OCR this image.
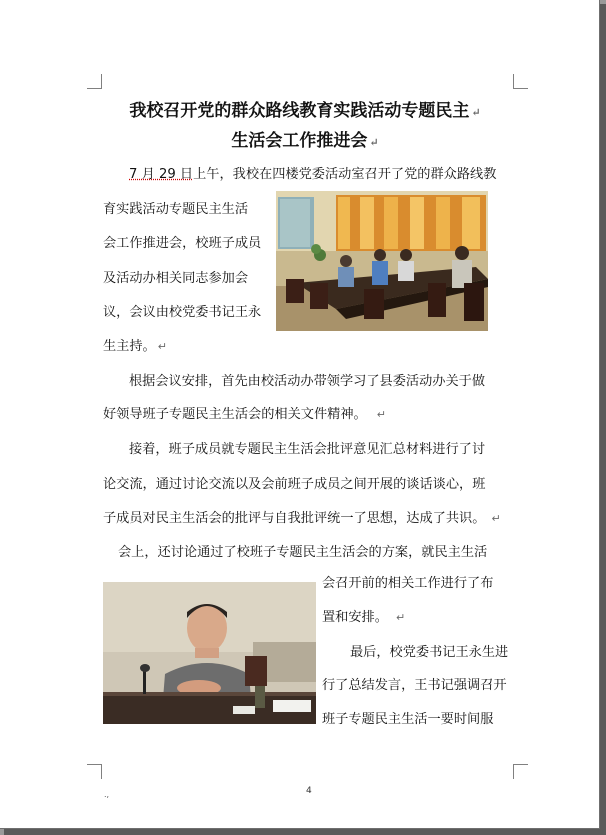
我校召开党的群众路线教育实践活动专题民主 ↵
生活会工作推进会 ↵
7 月 29 日上午，我校在四楼党委活动室召开了党的群众路线教
育实践活动专题民主生活
会工作推进会，校班子成员
及活动办相关同志参加会
议，会议由校党委书记王永
生主持。 ↵
根据会议安排，首先由校活动办带领学习了县委活动办关于做
好领导班子专题民主生活会的相关文件精神。 ↵
接着，班子成员就专题民主生活会批评意见汇总材料进行了讨
论交流，通过讨论交流以及会前班子成员之间开展的谈话谈心，班
子成员对民主生活会的批评与自我批评统一了思想，达成了共识。 ↵
会上，还讨论通过了校班子专题民主生活会的方案，就民主生活
会召开前的相关工作进行了布
置和安排。 ↵
最后，校党委书记王永生进
行了总结发言，王书记强调召开
班子专题民主生活一要时间服
.,	4
